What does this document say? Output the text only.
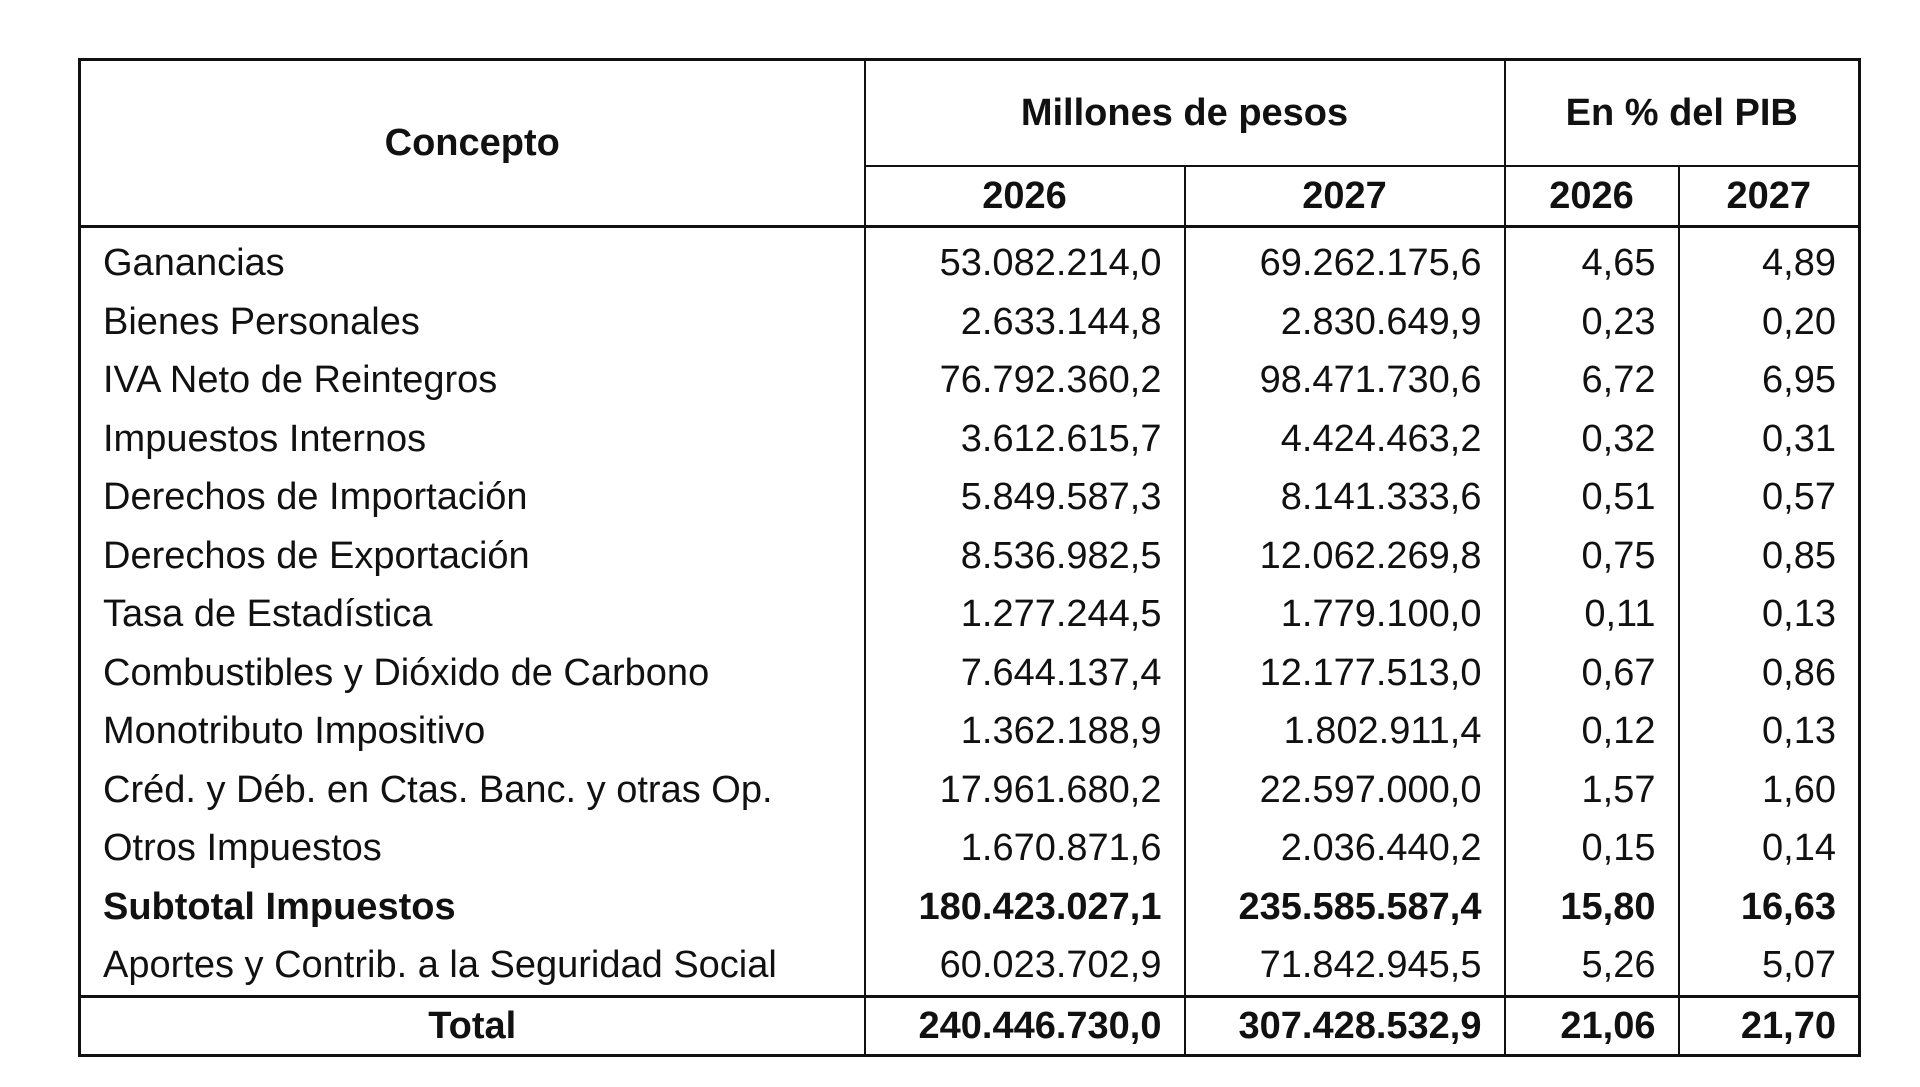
Concepto	Millones de pesos		En % del PIB	
	2026	2027	2026	2027
Ganancias	53.082.214,0	69.262.175,6	4,65	4,89
Bienes Personales	2.633.144,8	2.830.649,9	0,23	0,20
IVA Neto de Reintegros	76.792.360,2	98.471.730,6	6,72	6,95
Impuestos Internos	3.612.615,7	4.424.463,2	0,32	0,31
Derechos de Importación	5.849.587,3	8.141.333,6	0,51	0,57
Derechos de Exportación	8.536.982,5	12.062.269,8	0,75	0,85
Tasa de Estadística	1.277.244,5	1.779.100,0	0,11	0,13
Combustibles y Dióxido de Carbono	7.644.137,4	12.177.513,0	0,67	0,86
Monotributo Impositivo	1.362.188,9	1.802.911,4	0,12	0,13
Créd. y Déb. en Ctas. Banc. y otras Op.	17.961.680,2	22.597.000,0	1,57	1,60
Otros Impuestos	1.670.871,6	2.036.440,2	0,15	0,14
Subtotal Impuestos	180.423.027,1	235.585.587,4	15,80	16,63
Aportes y Contrib. a la Seguridad Social	60.023.702,9	71.842.945,5	5,26	5,07
Total	240.446.730,0	307.428.532,9	21,06	21,70
